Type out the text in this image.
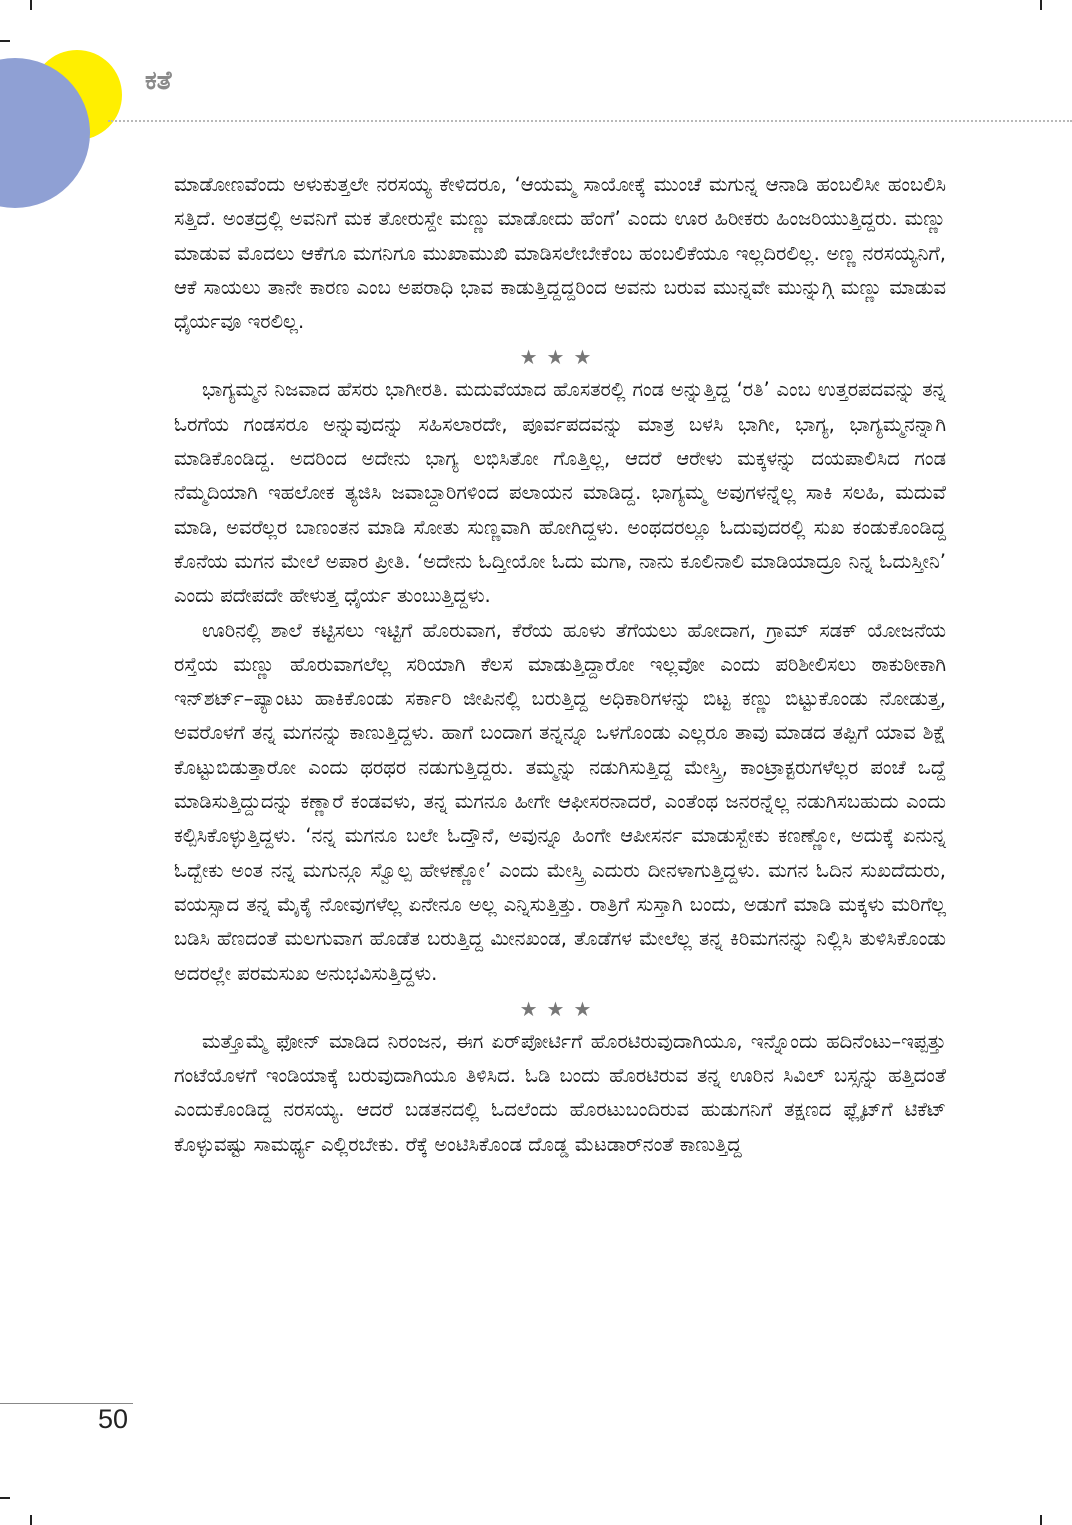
ಕತೆ

ಮಾಡೋಣವೆಂದು ಅಳುಕುತ್ತಲೇ ನರಸಯ್ಯ ಕೇಳಿದರೂ, ‘ಆಯಮ್ಮ ಸಾಯೋಕ್ಕೆ ಮುಂಚೆ ಮಗುನ್ನ ಆನಾಡಿ ಹಂಬಲಿಸೀ ಹಂಬಲಿಸಿ ಸತ್ತಿದೆ. ಅಂತದ್ರಲ್ಲಿ ಅವನಿಗೆ ಮಕ ತೋರುಸ್ದೇ ಮಣ್ಣು ಮಾಡೋದು ಹೆಂಗೆ’ ಎಂದು ಊರ ಹಿರೀಕರು ಹಿಂಜರಿಯುತ್ತಿದ್ದರು. ಮಣ್ಣು ಮಾಡುವ ಮೊದಲು ಆಕೆಗೂ ಮಗನಿಗೂ ಮುಖಾಮುಖಿ ಮಾಡಿಸಲೇಬೇಕೆಂಬ ಹಂಬಲಿಕೆಯೂ ಇಲ್ಲದಿರಲಿಲ್ಲ. ಅಣ್ಣ ನರಸಯ್ಯನಿಗೆ, ಆಕೆ ಸಾಯಲು ತಾನೇ ಕಾರಣ ಎಂಬ ಅಪರಾಧಿ ಭಾವ ಕಾಡುತ್ತಿದ್ದದ್ದರಿಂದ ಅವನು ಬರುವ ಮುನ್ನವೇ ಮುನ್ನುಗ್ಗಿ ಮಣ್ಣು ಮಾಡುವ ಧೈರ್ಯವೂ ಇರಲಿಲ್ಲ.

★★★

ಭಾಗ್ಯಮ್ಮನ ನಿಜವಾದ ಹೆಸರು ಭಾಗೀರತಿ. ಮದುವೆಯಾದ ಹೊಸತರಲ್ಲಿ ಗಂಡ ಅನ್ನುತ್ತಿದ್ದ ‘ರತಿ’ ಎಂಬ ಉತ್ತರಪದವನ್ನು ತನ್ನ ಓರಗೆಯ ಗಂಡಸರೂ ಅನ್ನುವುದನ್ನು ಸಹಿಸಲಾರದೇ, ಪೂರ್ವಪದವನ್ನು ಮಾತ್ರ ಬಳಸಿ ಭಾಗೀ, ಭಾಗ್ಯ, ಭಾಗ್ಯಮ್ಮನನ್ನಾಗಿ ಮಾಡಿಕೊಂಡಿದ್ದ. ಅದರಿಂದ ಅದೇನು ಭಾಗ್ಯ ಲಭಿಸಿತೋ ಗೊತ್ತಿಲ್ಲ, ಆದರೆ ಆರೇಳು ಮಕ್ಕಳನ್ನು ದಯಪಾಲಿಸಿದ ಗಂಡ ನೆಮ್ಮದಿಯಾಗಿ ಇಹಲೋಕ ತ್ಯಜಿಸಿ ಜವಾಬ್ದಾರಿಗಳಿಂದ ಪಲಾಯನ ಮಾಡಿದ್ದ. ಭಾಗ್ಯಮ್ಮ ಅವುಗಳನ್ನೆಲ್ಲ ಸಾಕಿ ಸಲಹಿ, ಮದುವೆ ಮಾಡಿ, ಅವರೆಲ್ಲರ ಬಾಣಂತನ ಮಾಡಿ ಸೋತು ಸುಣ್ಣವಾಗಿ ಹೋಗಿದ್ದಳು. ಅಂಥದರಲ್ಲೂ ಓದುವುದರಲ್ಲಿ ಸುಖ ಕಂಡುಕೊಂಡಿದ್ದ ಕೊನೆಯ ಮಗನ ಮೇಲೆ ಅಪಾರ ಪ್ರೀತಿ. ‘ಅದೇನು ಓದ್ತೀಯೋ ಓದು ಮಗಾ, ನಾನು ಕೂಲಿನಾಲಿ ಮಾಡಿಯಾದ್ರೂ ನಿನ್ನ ಓದುಸ್ತೀನಿ’ ಎಂದು ಪದೇಪದೇ ಹೇಳುತ್ತ ಧೈರ್ಯ ತುಂಬುತ್ತಿದ್ದಳು.

ಊರಿನಲ್ಲಿ ಶಾಲೆ ಕಟ್ಟಿಸಲು ಇಟ್ಟಿಗೆ ಹೊರುವಾಗ, ಕೆರೆಯ ಹೂಳು ತೆಗೆಯಲು ಹೋದಾಗ, ಗ್ರಾಮ್ ಸಡಕ್ ಯೋಜನೆಯ ರಸ್ತೆಯ ಮಣ್ಣು ಹೊರುವಾಗಲೆಲ್ಲ ಸರಿಯಾಗಿ ಕೆಲಸ ಮಾಡುತ್ತಿದ್ದಾರೋ ಇಲ್ಲವೋ ಎಂದು ಪರಿಶೀಲಿಸಲು ಠಾಕುಠೀಕಾಗಿ ಇನ್‌ಶರ್ಟ್–ಪ್ಯಾಂಟು ಹಾಕಿಕೊಂಡು ಸರ್ಕಾರಿ ಜೀಪಿನಲ್ಲಿ ಬರುತ್ತಿದ್ದ ಅಧಿಕಾರಿಗಳನ್ನು ಬಿಟ್ಟ ಕಣ್ಣು ಬಿಟ್ಟುಕೊಂಡು ನೋಡುತ್ತ, ಅವರೊಳಗೆ ತನ್ನ ಮಗನನ್ನು ಕಾಣುತ್ತಿದ್ದಳು. ಹಾಗೆ ಬಂದಾಗ ತನ್ನನ್ನೂ ಒಳಗೊಂಡು ಎಲ್ಲರೂ ತಾವು ಮಾಡದ ತಪ್ಪಿಗೆ ಯಾವ ಶಿಕ್ಷೆ ಕೊಟ್ಟುಬಿಡುತ್ತಾರೋ ಎಂದು ಥರಥರ ನಡುಗುತ್ತಿದ್ದರು. ತಮ್ಮನ್ನು ನಡುಗಿಸುತ್ತಿದ್ದ ಮೇಸ್ತ್ರಿ, ಕಾಂಟ್ರಾಕ್ಟರುಗಳೆಲ್ಲರ ಪಂಚೆ ಒದ್ದೆ ಮಾಡಿಸುತ್ತಿದ್ದುದನ್ನು ಕಣ್ಣಾರೆ ಕಂಡವಳು, ತನ್ನ ಮಗನೂ ಹೀಗೇ ಆಫೀಸರನಾದರೆ, ಎಂತೆಂಥ ಜನರನ್ನೆಲ್ಲ ನಡುಗಿಸಬಹುದು ಎಂದು ಕಲ್ಪಿಸಿಕೊಳ್ಳುತ್ತಿದ್ದಳು. ‘ನನ್ನ ಮಗನೂ ಬಲೇ ಓದ್ತೌನೆ, ಅವುನ್ನೂ ಹಿಂಗೇ ಆಪೀಸರ್ನ ಮಾಡುಸ್ಬೇಕು ಕಣಣ್ಣೋ, ಅದುಕ್ಕೆ ಏನುನ್ನ ಓದ್ಬೇಕು ಅಂತ ನನ್ನ ಮಗುನ್ಗೂ ಸ್ವೊಲ್ಪ ಹೇಳಣ್ಣೋ’ ಎಂದು ಮೇಸ್ತ್ರಿ ಎದುರು ದೀನಳಾಗುತ್ತಿದ್ದಳು. ಮಗನ ಓದಿನ ಸುಖದೆದುರು, ವಯಸ್ಸಾದ ತನ್ನ ಮೈಕೈ ನೋವುಗಳೆಲ್ಲ ಏನೇನೂ ಅಲ್ಲ ಎನ್ನಿಸುತ್ತಿತ್ತು. ರಾತ್ರಿಗೆ ಸುಸ್ತಾಗಿ ಬಂದು, ಅಡುಗೆ ಮಾಡಿ ಮಕ್ಕಳು ಮರಿಗೆಲ್ಲ ಬಡಿಸಿ ಹೆಣದಂತೆ ಮಲಗುವಾಗ ಹೊಡೆತ ಬರುತ್ತಿದ್ದ ಮೀನಖಂಡ, ತೊಡೆಗಳ ಮೇಲೆಲ್ಲ ತನ್ನ ಕಿರಿಮಗನನ್ನು ನಿಲ್ಲಿಸಿ ತುಳಿಸಿಕೊಂಡು ಅದರಲ್ಲೇ ಪರಮಸುಖ ಅನುಭವಿಸುತ್ತಿದ್ದಳು.

★★★

ಮತ್ತೊಮ್ಮೆ ಫೋನ್ ಮಾಡಿದ ನಿರಂಜನ, ಈಗ ಏರ್‌ಪೋರ್ಟಿಗೆ ಹೊರಟಿರುವುದಾಗಿಯೂ, ಇನ್ನೊಂದು ಹದಿನೆಂಟು–ಇಪ್ಪತ್ತು ಗಂಟೆಯೊಳಗೆ ಇಂಡಿಯಾಕ್ಕೆ ಬರುವುದಾಗಿಯೂ ತಿಳಿಸಿದ. ಓಡಿ ಬಂದು ಹೊರಟಿರುವ ತನ್ನ ಊರಿನ ಸಿವಿಲ್ ಬಸ್ಸನ್ನು ಹತ್ತಿದಂತೆ ಎಂದುಕೊಂಡಿದ್ದ ನರಸಯ್ಯ. ಆದರೆ ಬಡತನದಲ್ಲಿ ಓದಲೆಂದು ಹೊರಟುಬಂದಿರುವ ಹುಡುಗನಿಗೆ ತಕ್ಷಣದ ಫ್ಲೈಟ್‌ಗೆ ಟಿಕೆಟ್ ಕೊಳ್ಳುವಷ್ಟು ಸಾಮರ್ಥ್ಯ ಎಲ್ಲಿರಬೇಕು. ರೆಕ್ಕೆ ಅಂಟಿಸಿಕೊಂಡ ದೊಡ್ಡ ಮೆಟಡಾರ್‌ನಂತೆ ಕಾಣುತ್ತಿದ್ದ

50
